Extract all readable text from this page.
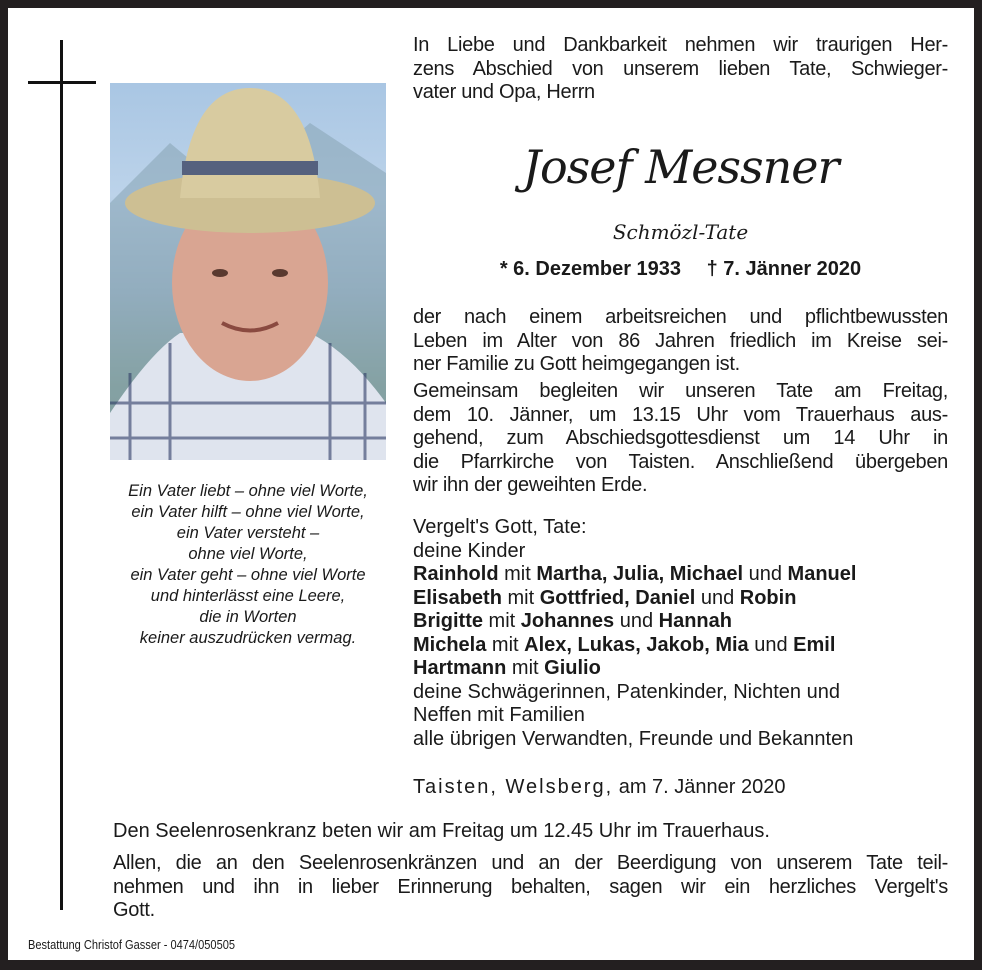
Ein Vater liebt – ohne viel Worte,
ein Vater hilft – ohne viel Worte,
ein Vater versteht –
ohne viel Worte,
ein Vater geht – ohne viel Worte
und hinterlässt eine Leere,
die in Worten
keiner auszudrücken vermag.
In Liebe und Dankbarkeit nehmen wir traurigen Her-
zens Abschied von unserem lieben Tate, Schwieger-
vater und Opa, Herrn
Josef Messner
Schmözl-Tate
* 6. Dezember 1933 † 7. Jänner 2020
der nach einem arbeitsreichen und pflichtbewussten
Leben im Alter von 86 Jahren friedlich im Kreise sei-
ner Familie zu Gott heimgegangen ist.
Gemeinsam begleiten wir unseren Tate am Freitag,
dem 10. Jänner, um 13.15 Uhr vom Trauerhaus aus-
gehend, zum Abschiedsgottesdienst um 14 Uhr in
die Pfarrkirche von Taisten. Anschließend übergeben
wir ihn der geweihten Erde.
Vergelt's Gott, Tate:
deine Kinder
Rainhold mit Martha, Julia, Michael und Manuel
Elisabeth mit Gottfried, Daniel und Robin
Brigitte mit Johannes und Hannah
Michela mit Alex, Lukas, Jakob, Mia und Emil
Hartmann mit Giulio
deine Schwägerinnen, Patenkinder, Nichten und
Neffen mit Familien
alle übrigen Verwandten, Freunde und Bekannten
Taisten, Welsberg, am 7. Jänner 2020
Den Seelenrosenkranz beten wir am Freitag um 12.45 Uhr im Trauerhaus.
Allen, die an den Seelenrosenkränzen und an der Beerdigung von unserem Tate teil-
nehmen und ihn in lieber Erinnerung behalten, sagen wir ein herzliches Vergelt's
Gott.
Bestattung Christof Gasser - 0474/050505
